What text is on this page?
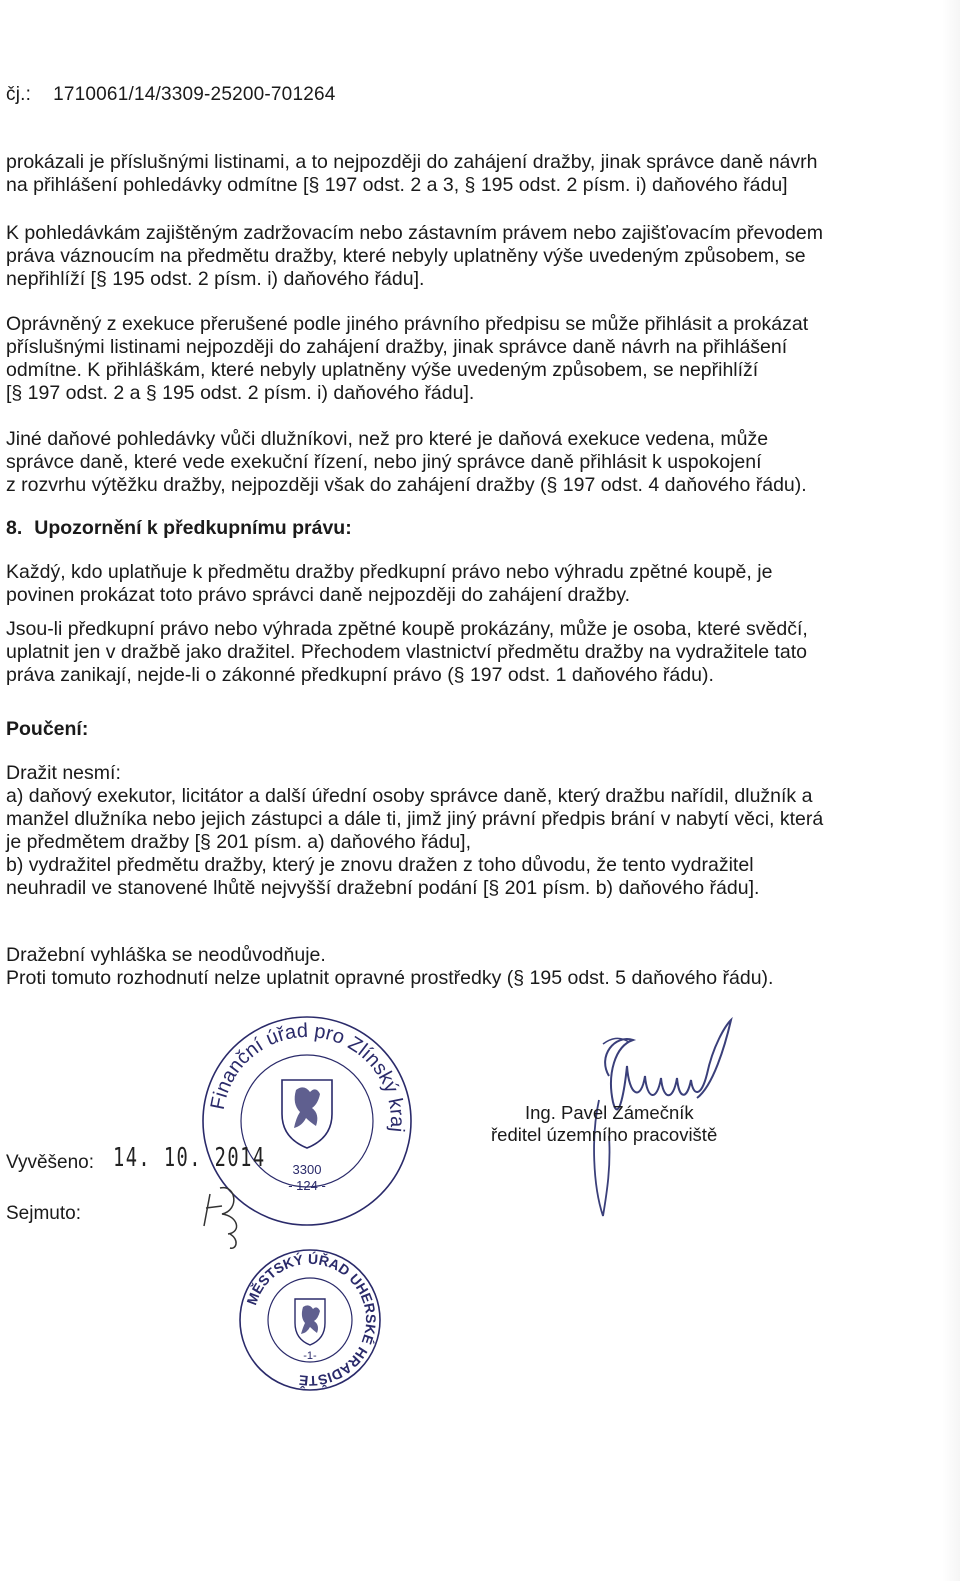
čj.: 1710061/14/3309-25200-701264
prokázali je příslušnými listinami, a to nejpozději do zahájení dražby, jinak správce daně návrh
na přihlášení pohledávky odmítne [§ 197 odst. 2 a 3, § 195 odst. 2 písm. i) daňového řádu]
K pohledávkám zajištěným zadržovacím nebo zástavním právem nebo zajišťovacím převodem
práva váznoucím na předmětu dražby, které nebyly uplatněny výše uvedeným způsobem, se
nepřihlíží [§ 195 odst. 2 písm. i) daňového řádu].
Oprávněný z exekuce přerušené podle jiného právního předpisu se může přihlásit a prokázat
příslušnými listinami nejpozději do zahájení dražby, jinak správce daně návrh na přihlášení
odmítne. K přihláškám, které nebyly uplatněny výše uvedeným způsobem, se nepřihlíží
[§ 197 odst. 2 a § 195 odst. 2 písm. i) daňového řádu].
Jiné daňové pohledávky vůči dlužníkovi, než pro které je daňová exekuce vedena, může
správce daně, které vede exekuční řízení, nebo jiný správce daně přihlásit k uspokojení
z rozvrhu výtěžku dražby, nejpozději však do zahájení dražby (§ 197 odst. 4 daňového řádu).
8. Upozornění k předkupnímu právu:
Každý, kdo uplatňuje k předmětu dražby předkupní právo nebo výhradu zpětné koupě, je
povinen prokázat toto právo správci daně nejpozději do zahájení dražby.
Jsou-li předkupní právo nebo výhrada zpětné koupě prokázány, může je osoba, které svědčí,
uplatnit jen v dražbě jako dražitel. Přechodem vlastnictví předmětu dražby na vydražitele tato
práva zanikají, nejde-li o zákonné předkupní právo (§ 197 odst. 1 daňového řádu).
Poučení:
Dražit nesmí:
a) daňový exekutor, licitátor a další úřední osoby správce daně, který dražbu nařídil, dlužník a
manžel dlužníka nebo jejich zástupci a dále ti, jimž jiný právní předpis brání v nabytí věci, která
je předmětem dražby [§ 201 písm. a) daňového řádu],
b) vydražitel předmětu dražby, který je znovu dražen z toho důvodu, že tento vydražitel
neuhradil ve stanovené lhůtě nejvyšší dražební podání [§ 201 písm. b) daňového řádu].
Dražební vyhláška se neodůvodňuje.
Proti tomuto rozhodnutí nelze uplatnit opravné prostředky (§ 195 odst. 5 daňového řádu).
Finanční úřad pro Zlínský kraj
3300
- 124 -
Ing. Pavel Zámečník
ředitel územního pracoviště
Vyvěšeno: 14. 10. 2014
Sejmuto:
MĚSTSKÝ ÚŘAD UHERSKÉ HRADIŠTĚ
-1-
